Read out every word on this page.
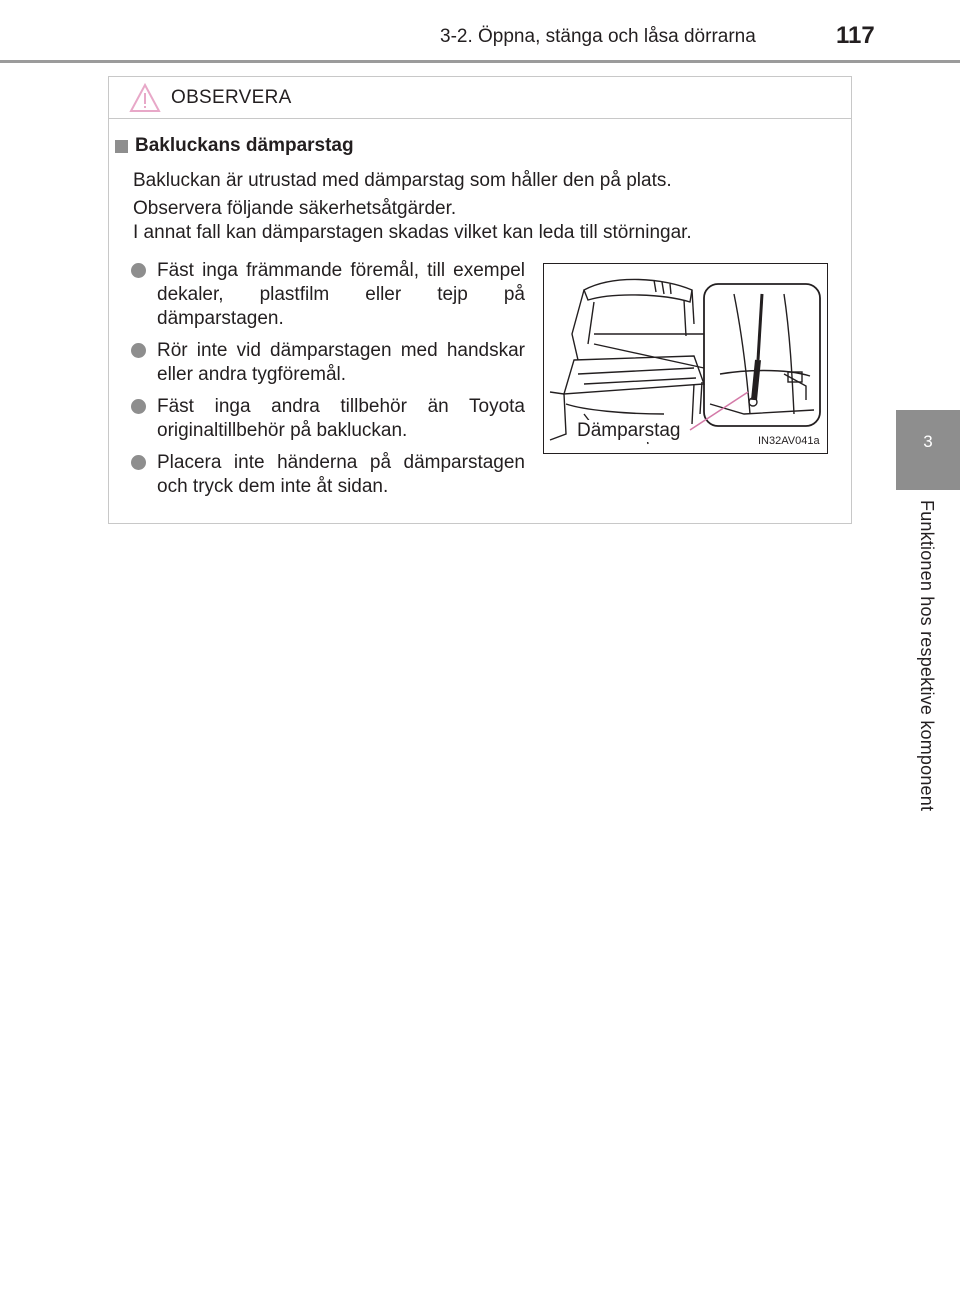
3-2. Öppna, stänga och låsa dörrarna	117
3
Funktionen hos respektive komponent
OBSERVERA
Bakluckans dämparstag
Bakluckan är utrustad med dämparstag som håller den på plats.
Observera följande säkerhetsåtgärder.
I annat fall kan dämparstagen skadas vilket kan leda till störningar.
Fäst inga främmande föremål, till exempel dekaler, plastfilm eller tejp på dämparstagen.
Rör inte vid dämparstagen med handskar eller andra tygföremål.
Fäst inga andra tillbehör än Toyota originaltillbehör på bakluckan.
Placera inte händerna på dämparstagen och tryck dem inte åt sidan.
Dämparstag	IN32AV041a
